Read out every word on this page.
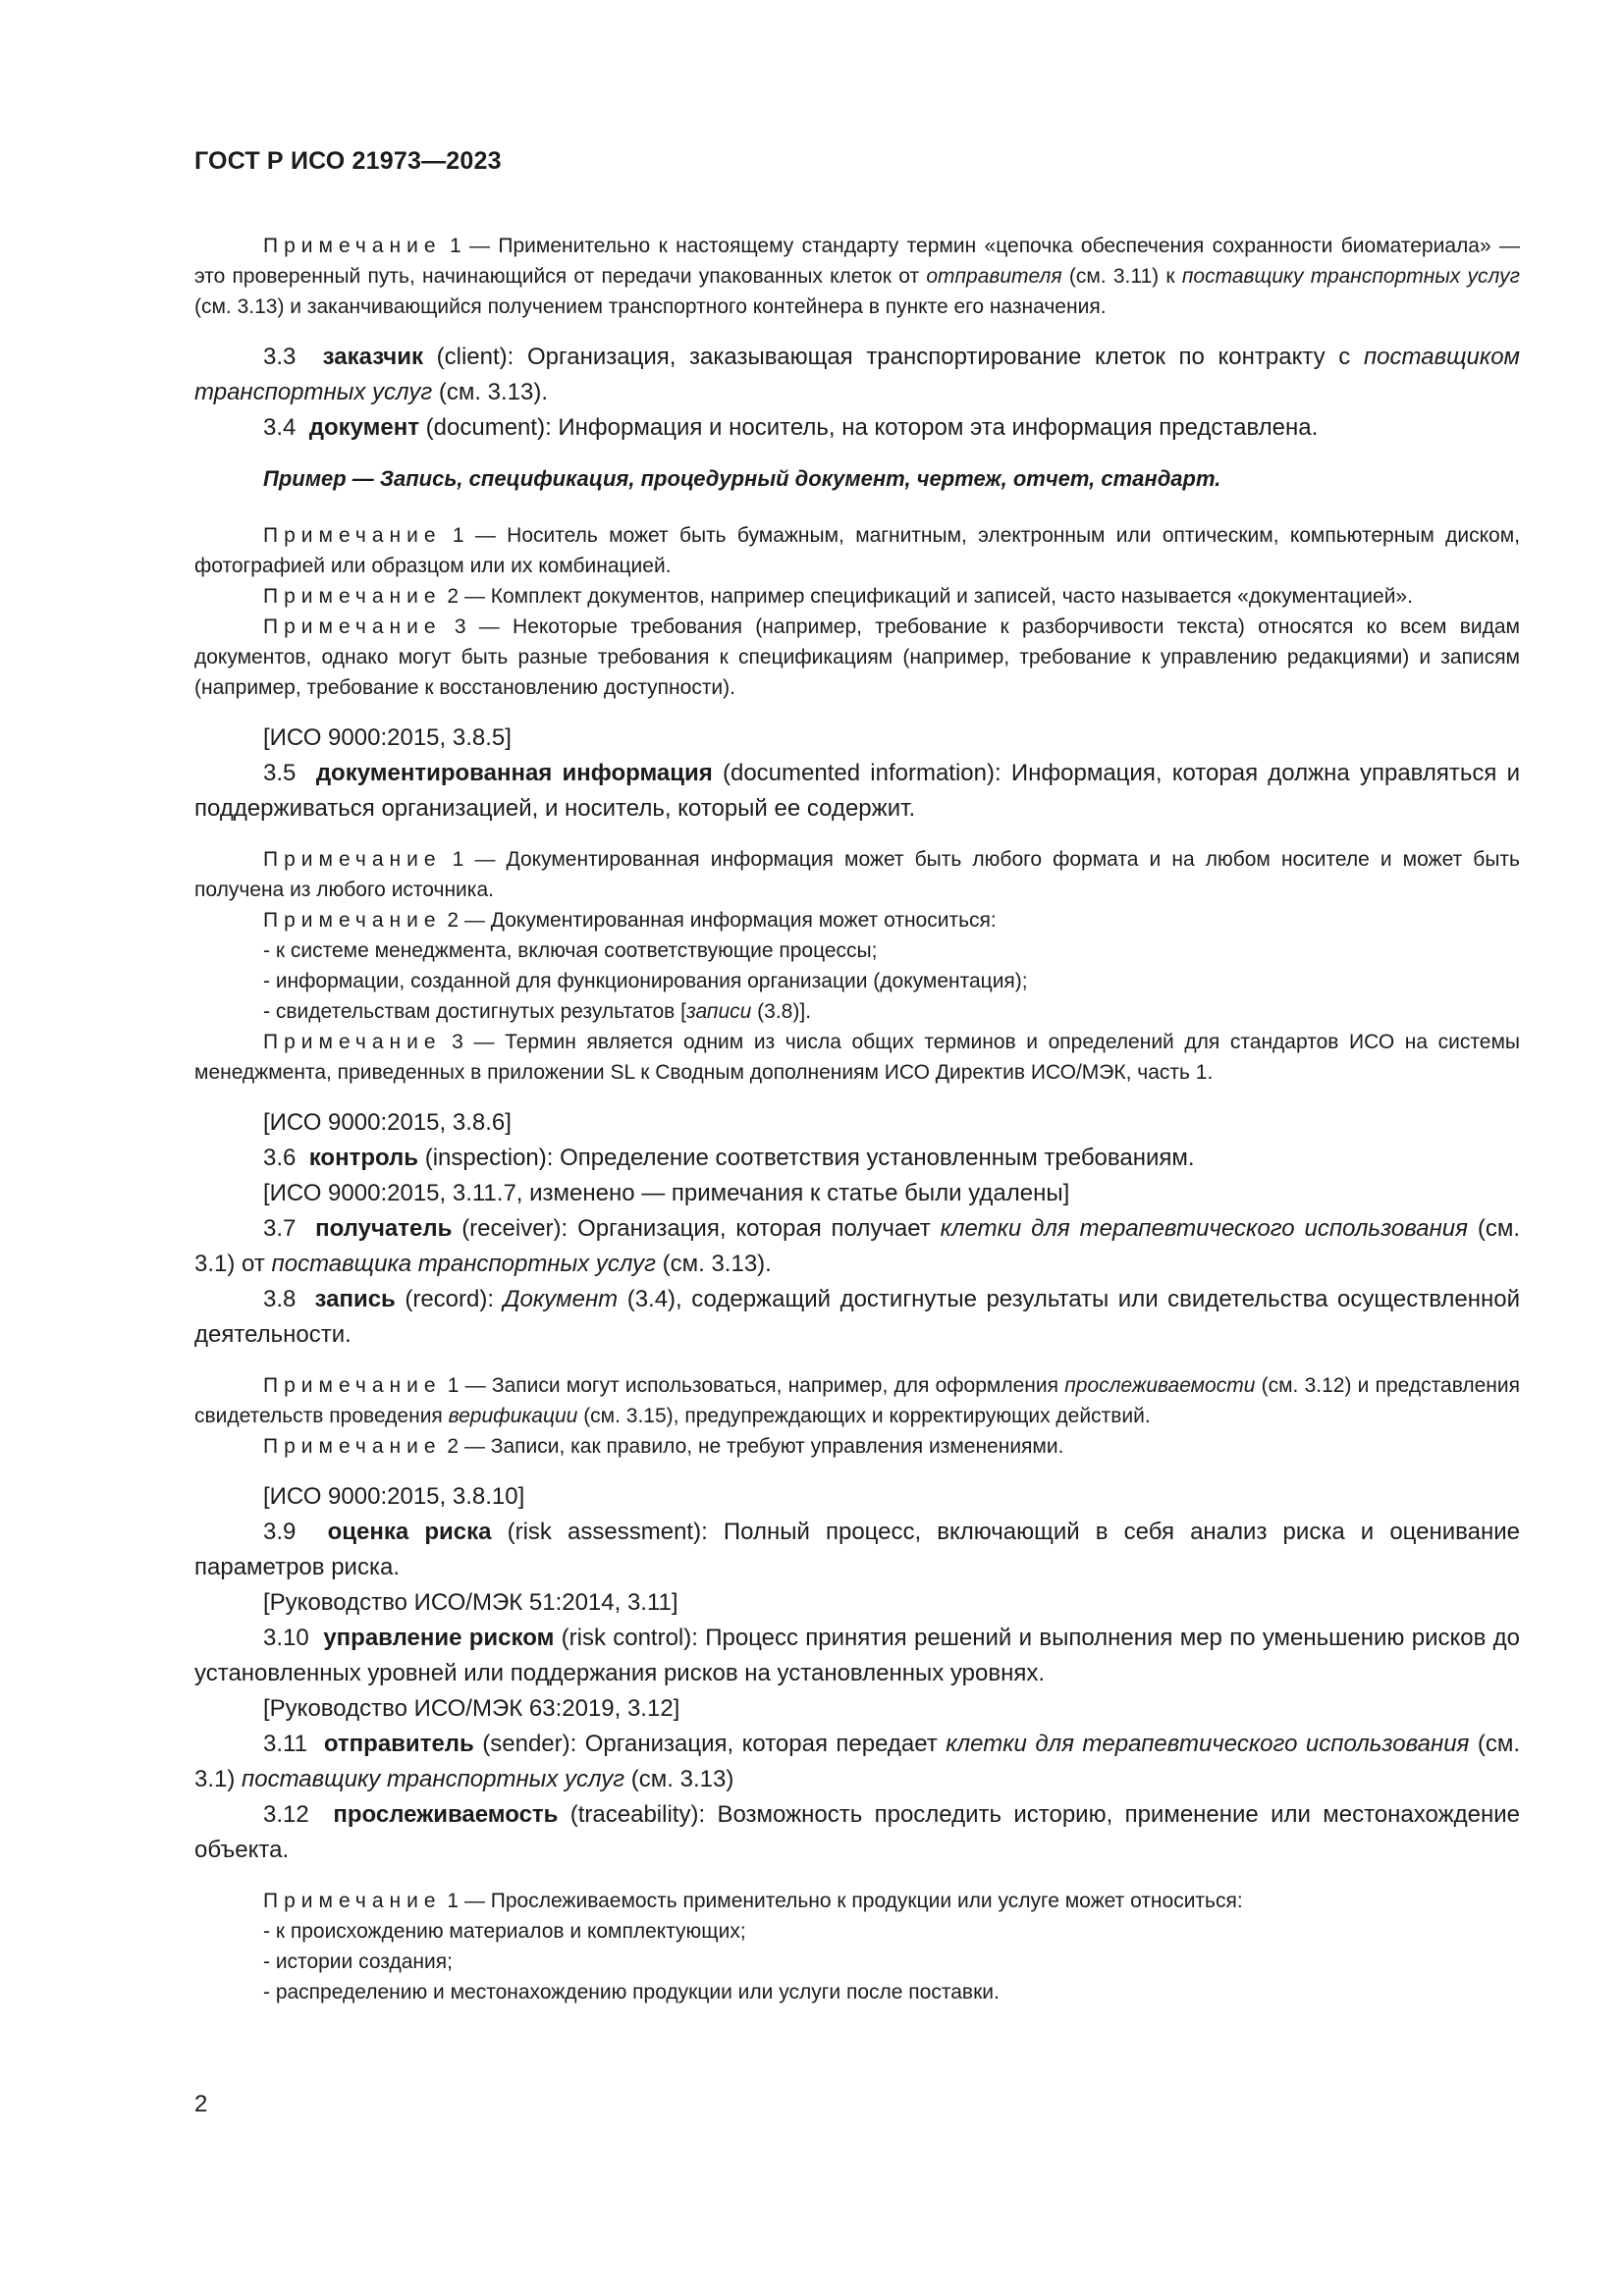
ГОСТ Р ИСО 21973—2023
Примечание 1 — Применительно к настоящему стандарту термин «цепочка обеспечения сохранности биоматериала» — это проверенный путь, начинающийся от передачи упакованных клеток от отправителя (см. 3.11) к поставщику транспортных услуг (см. 3.13) и заканчивающийся получением транспортного контейнера в пункте его назначения.
3.3 заказчик (client): Организация, заказывающая транспортирование клеток по контракту с поставщиком транспортных услуг (см. 3.13).
3.4 документ (document): Информация и носитель, на котором эта информация представлена.
Пример — Запись, спецификация, процедурный документ, чертеж, отчет, стандарт.
Примечание 1 — Носитель может быть бумажным, магнитным, электронным или оптическим, компьютерным диском, фотографией или образцом или их комбинацией.
Примечание 2 — Комплект документов, например спецификаций и записей, часто называется «документацией».
Примечание 3 — Некоторые требования (например, требование к разборчивости текста) относятся ко всем видам документов, однако могут быть разные требования к спецификациям (например, требование к управлению редакциями) и записям (например, требование к восстановлению доступности).
[ИСО 9000:2015, 3.8.5]
3.5 документированная информация (documented information): Информация, которая должна управляться и поддерживаться организацией, и носитель, который ее содержит.
Примечание 1 — Документированная информация может быть любого формата и на любом носителе и может быть получена из любого источника.
Примечание 2 — Документированная информация может относиться:
- к системе менеджмента, включая соответствующие процессы;
- информации, созданной для функционирования организации (документация);
- свидетельствам достигнутых результатов [записи (3.8)].
Примечание 3 — Термин является одним из числа общих терминов и определений для стандартов ИСО на системы менеджмента, приведенных в приложении SL к Сводным дополнениям ИСО Директив ИСО/МЭК, часть 1.
[ИСО 9000:2015, 3.8.6]
3.6 контроль (inspection): Определение соответствия установленным требованиям.
[ИСО 9000:2015, 3.11.7, изменено — примечания к статье были удалены]
3.7 получатель (receiver): Организация, которая получает клетки для терапевтического использования (см. 3.1) от поставщика транспортных услуг (см. 3.13).
3.8 запись (record): Документ (3.4), содержащий достигнутые результаты или свидетельства осуществленной деятельности.
Примечание 1 — Записи могут использоваться, например, для оформления прослеживаемости (см. 3.12) и представления свидетельств проведения верификации (см. 3.15), предупреждающих и корректирующих действий.
Примечание 2 — Записи, как правило, не требуют управления изменениями.
[ИСО 9000:2015, 3.8.10]
3.9 оценка риска (risk assessment): Полный процесс, включающий в себя анализ риска и оценивание параметров риска.
[Руководство ИСО/МЭК 51:2014, 3.11]
3.10 управление риском (risk control): Процесс принятия решений и выполнения мер по уменьшению рисков до установленных уровней или поддержания рисков на установленных уровнях.
[Руководство ИСО/МЭК 63:2019, 3.12]
3.11 отправитель (sender): Организация, которая передает клетки для терапевтического использования (см. 3.1) поставщику транспортных услуг (см. 3.13)
3.12 прослеживаемость (traceability): Возможность проследить историю, применение или местонахождение объекта.
Примечание 1 — Прослеживаемость применительно к продукции или услуге может относиться:
- к происхождению материалов и комплектующих;
- истории создания;
- распределению и местонахождению продукции или услуги после поставки.
2
